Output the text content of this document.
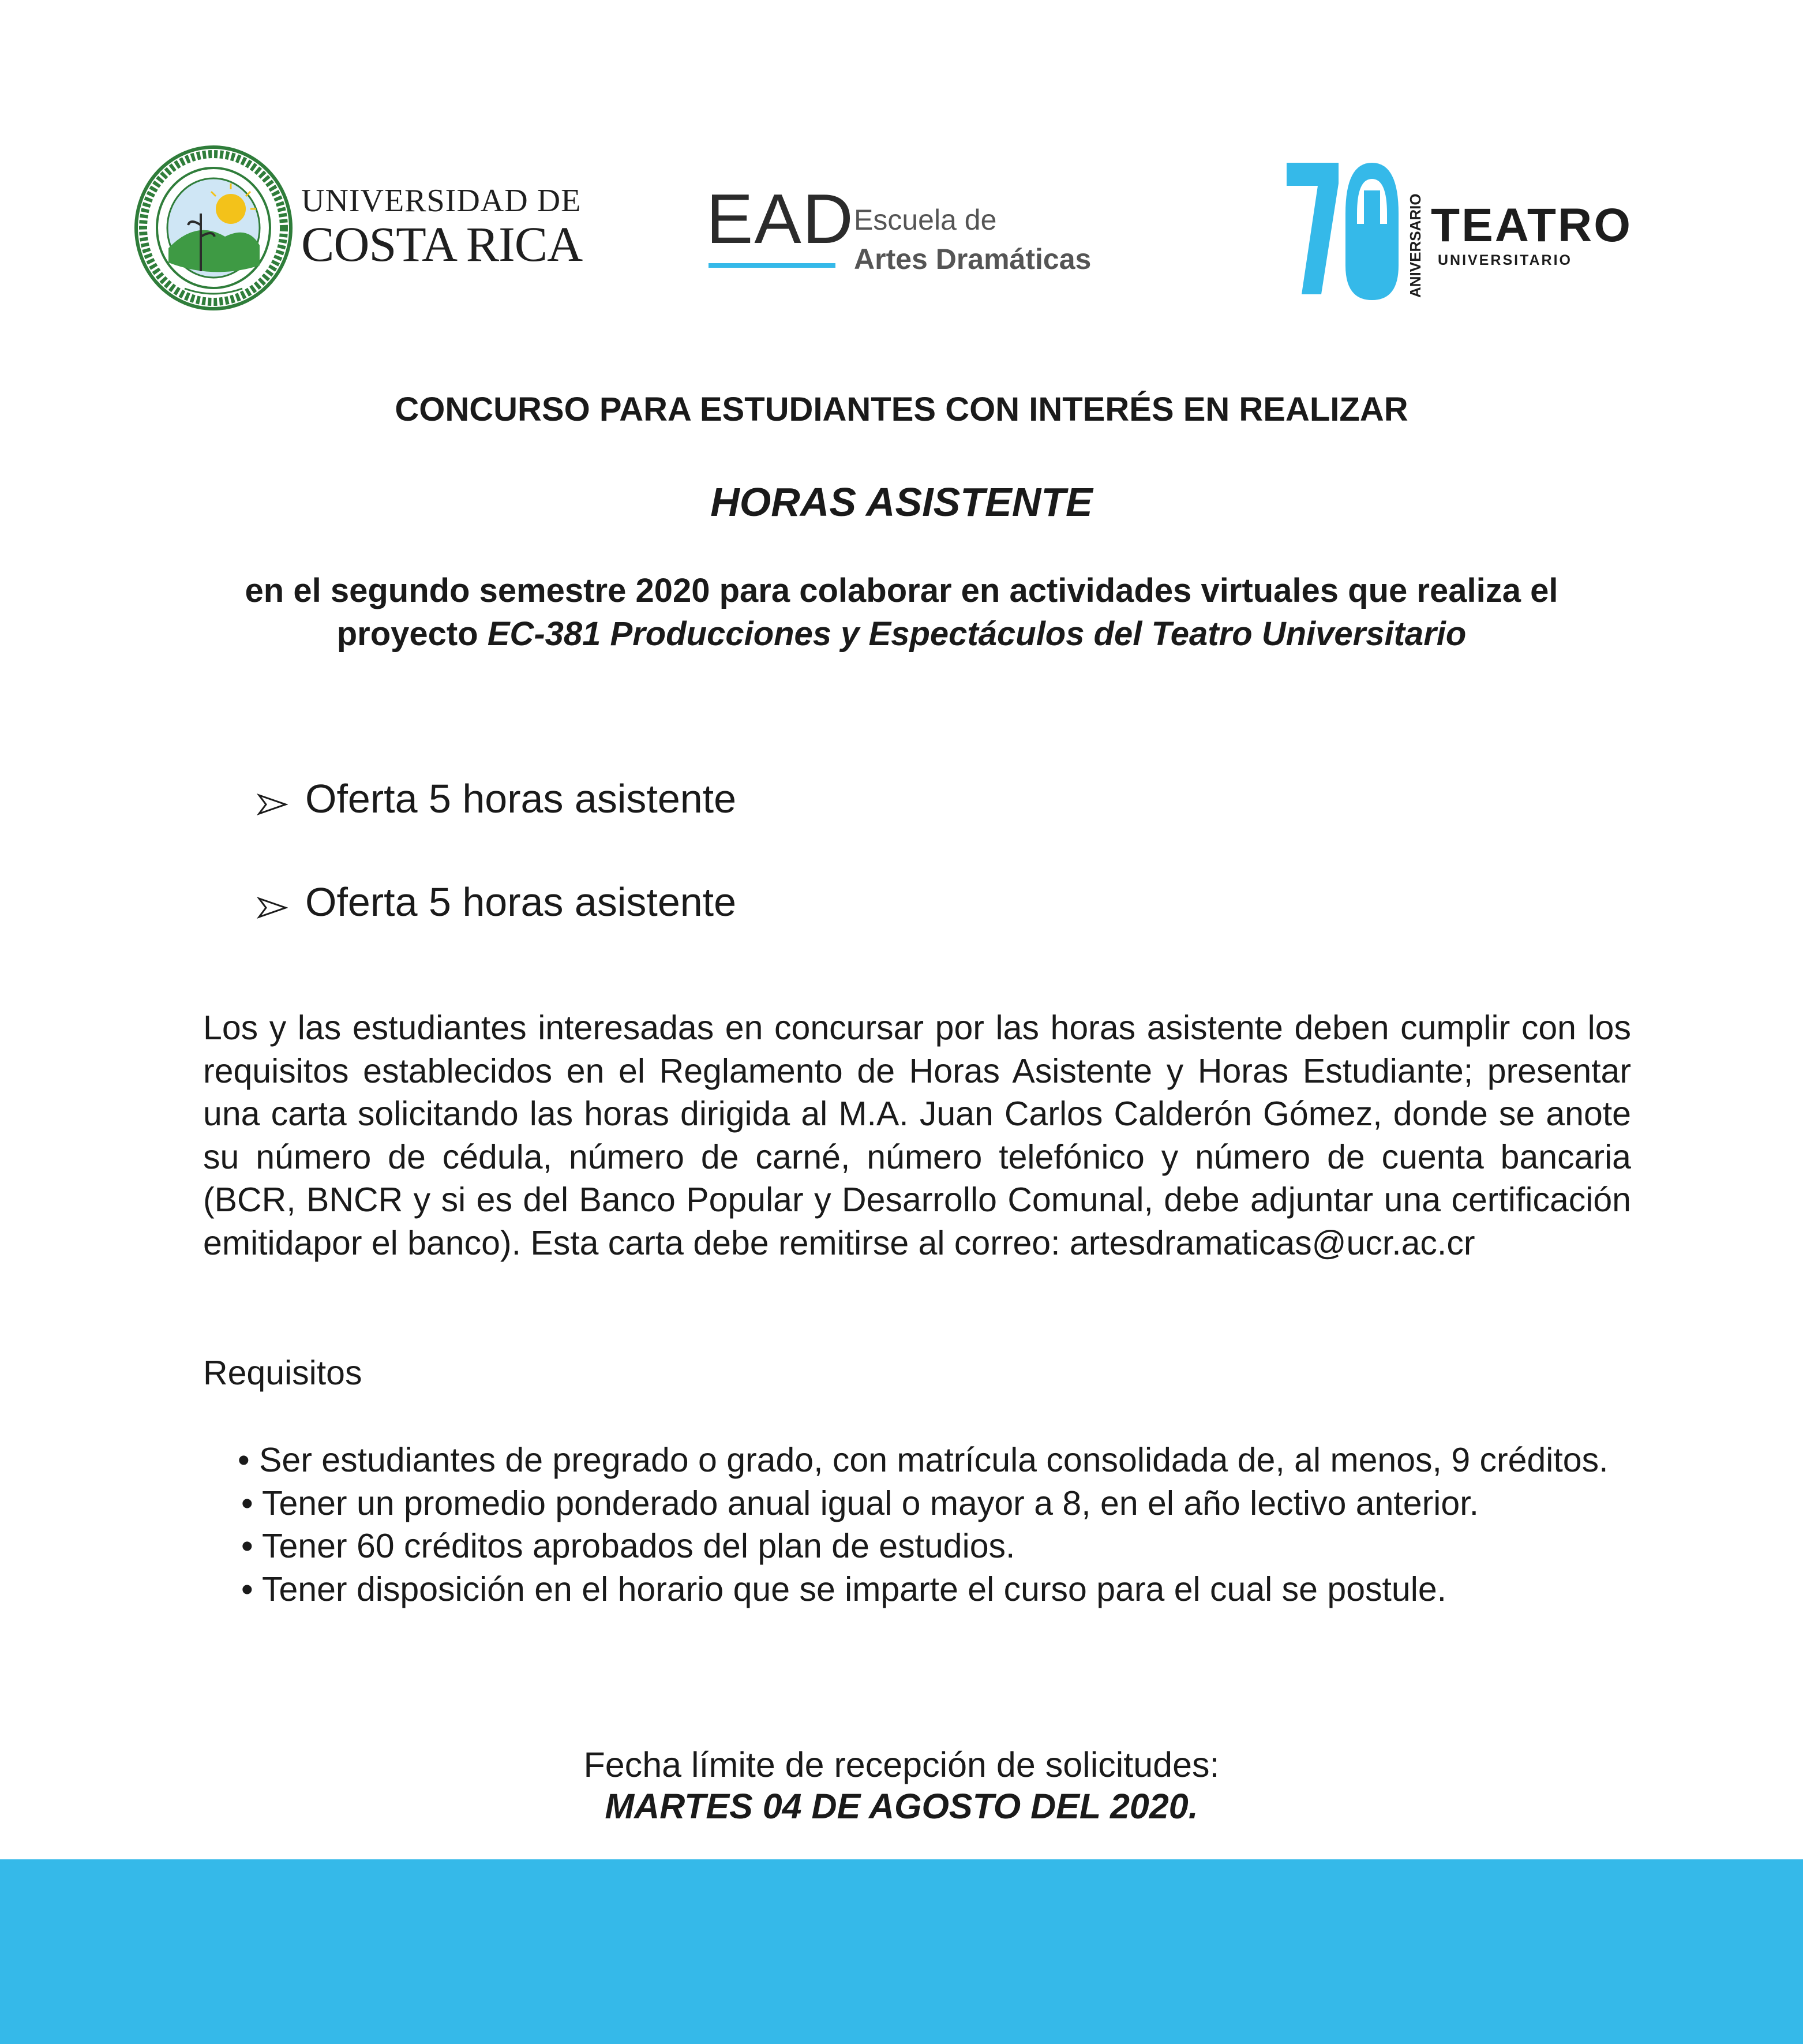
UNIVERSIDAD DE
COSTA RICA EAD Escuela de
Artes Dramáticas	ANIVERSARIO TEATRO
UNIVERSITARIO
CONCURSO PARA ESTUDIANTES CON INTERÉS EN REALIZAR
HORAS ASISTENTE
en el segundo semestre 2020 para colaborar en actividades virtuales que realiza el
proyecto EC-381 Producciones y Espectáculos del Teatro Universitario
Oferta 5 horas asistente
Oferta 5 horas asistente
Los y las estudiantes interesadas en concursar por las horas asistente deben cumplir con los requisitos establecidos en el Reglamento de Horas Asistente y Horas Estudiante; presentar una carta solicitando las horas dirigida al M.A. Juan Carlos Calderón Gómez, donde se anote su número de cédula, número de carné, número telefónico y número de cuenta bancaria (BCR, BNCR y si es del Banco Popular y Desarrollo Comunal, debe adjuntar una certificación emitidapor el banco). Esta carta debe remitirse al correo: artesdramaticas@ucr.ac.cr
Requisitos
• Ser estudiantes de pregrado o grado, con matrícula consolidada de, al menos, 9 créditos.
• Tener un promedio ponderado anual igual o mayor a 8, en el año lectivo anterior.
• Tener 60 créditos aprobados del plan de estudios.
• Tener disposición en el horario que se imparte el curso para el cual se postule.
Fecha límite de recepción de solicitudes:
MARTES 04 DE AGOSTO DEL 2020.
